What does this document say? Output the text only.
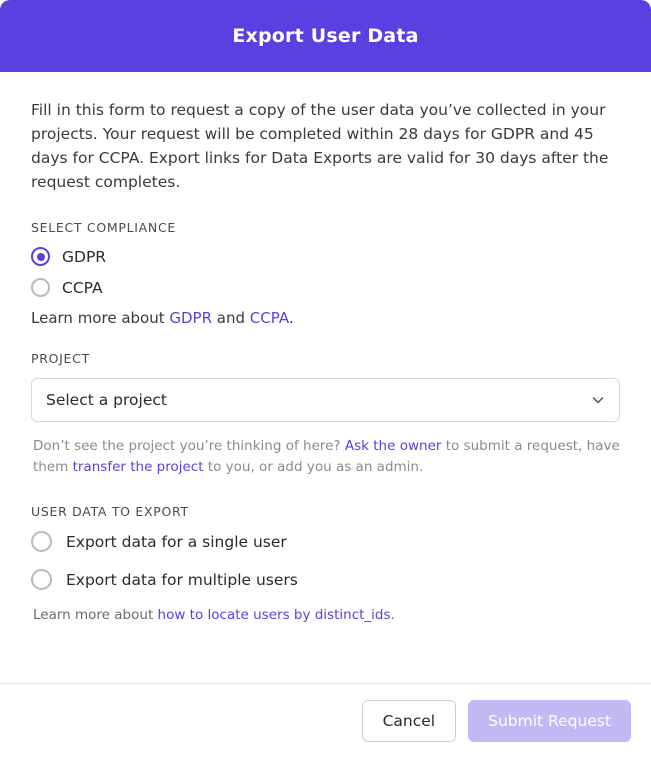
Export User Data

Fill in this form to request a copy of the user data you’ve collected in your projects. Your request will be completed within 28 days for GDPR and 45 days for CCPA. Export links for Data Exports are valid for 30 days after the request completes.

SELECT COMPLIANCE
GDPR
CCPA
Learn more about GDPR and CCPA.
PROJECT
Select a project

Don’t see the project you’re thinking of here? Ask the owner to submit a request, have them transfer the project to you, or add you as an admin.

USER DATA TO EXPORT
Export data for a single user
Export data for multiple users
Learn more about how to locate users by distinct_ids.
Cancel	Submit Request
